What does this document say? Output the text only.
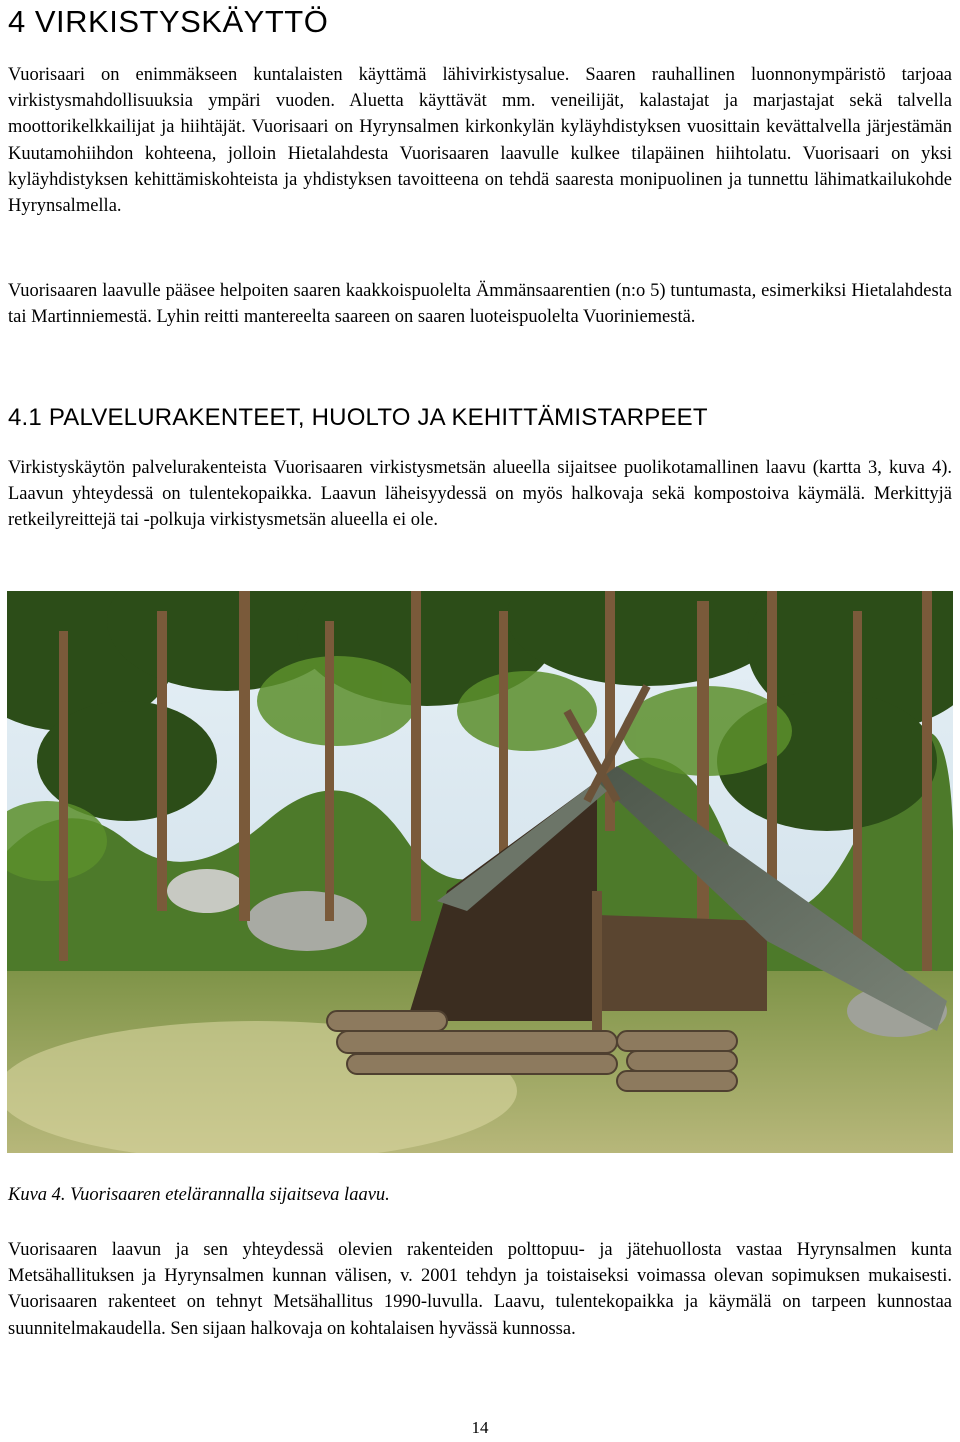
4 VIRKISTYSKÄYTTÖ

Vuorisaari on enimmäkseen kuntalaisten käyttämä lähivirkistysalue. Saaren rauhallinen luonnonympäristö tarjoaa virkistysmahdollisuuksia ympäri vuoden. Aluetta käyttävät mm. veneilijät, kalastajat ja marjastajat sekä talvella moottorikelkkailijat ja hiihtäjät. Vuorisaari on Hyrynsalmen kirkonkylän kyläyhdistyksen vuosittain kevättalvella järjestämän Kuutamohiihdon kohteena, jolloin Hietalahdesta Vuorisaaren laavulle kulkee tilapäinen hiihtolatu. Vuorisaari on yksi kyläyhdistyksen kehittämiskohteista ja yhdistyksen tavoitteena on tehdä saaresta monipuolinen ja tunnettu lähimatkailukohde Hyrynsalmella.

Vuorisaaren laavulle pääsee helpoiten saaren kaakkoispuolelta Ämmänsaarentien (n:o 5) tuntumasta, esimerkiksi Hietalahdesta tai Martinniemestä. Lyhin reitti mantereelta saareen on saaren luoteispuolelta Vuoriniemestä.

4.1 PALVELURAKENTEET, HUOLTO JA KEHITTÄMISTARPEET

Virkistyskäytön palvelurakenteista Vuorisaaren virkistysmetsän alueella sijaitsee puolikotamallinen laavu (kartta 3, kuva 4). Laavun yhteydessä on tulentekopaikka. Laavun läheisyydessä on myös halkovaja sekä kompostoiva käymälä. Merkittyjä retkeilyreittejä tai -polkuja virkistysmetsän alueella ei ole.

Kuva 4. Vuorisaaren etelärannalla sijaitseva laavu.

Vuorisaaren laavun ja sen yhteydessä olevien rakenteiden polttopuu- ja jätehuollosta vastaa Hyrynsalmen kunta Metsähallituksen ja Hyrynsalmen kunnan välisen, v. 2001 tehdyn ja toistaiseksi voimassa olevan sopimuksen mukaisesti. Vuorisaaren rakenteet on tehnyt Metsähallitus 1990-luvulla. Laavu, tulentekopaikka ja käymälä on tarpeen kunnostaa suunnitelmakaudella. Sen sijaan halkovaja on kohtalaisen hyvässä kunnossa.

14
